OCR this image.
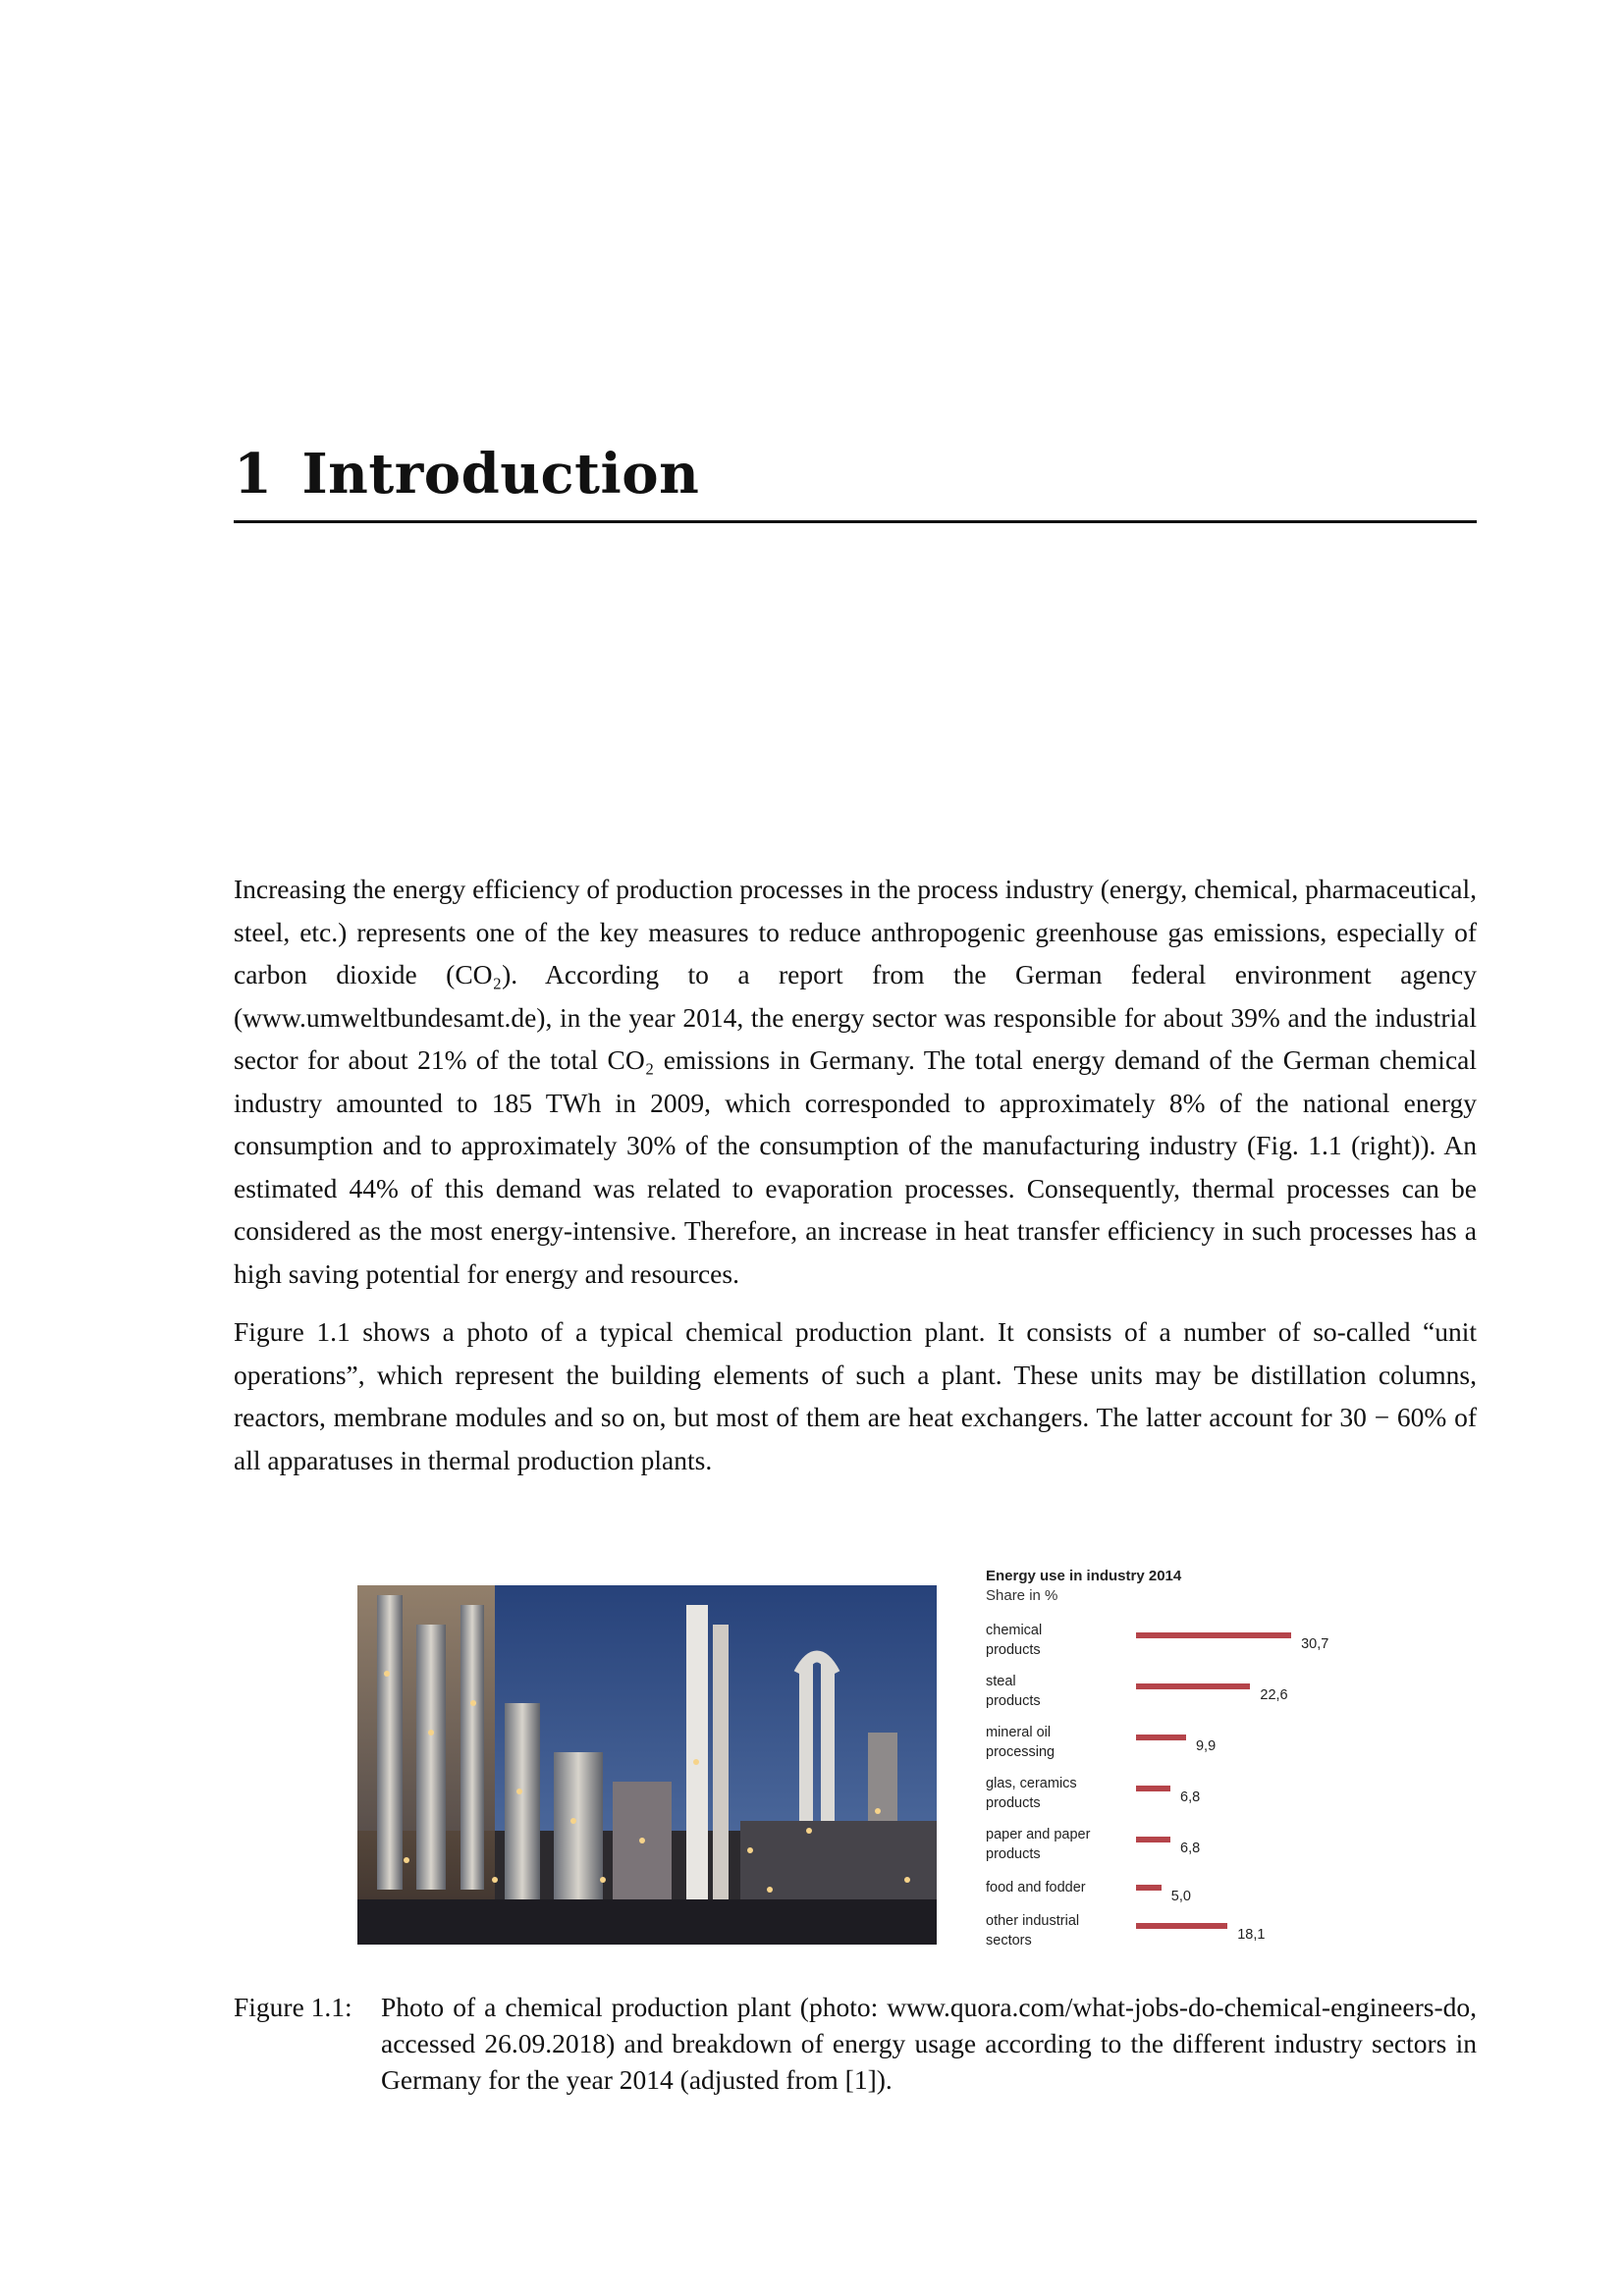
1 Introduction

Increasing the energy efficiency of production processes in the process industry (energy, chemical, pharmaceutical, steel, etc.) represents one of the key measures to reduce anthropogenic greenhouse gas emissions, especially of carbon dioxide (CO₂). According to a report from the German federal environment agency (www.umweltbundesamt.de), in the year 2014, the energy sector was responsible for about 39% and the industrial sector for about 21% of the total CO₂ emissions in Germany. The total energy demand of the German chemical industry amounted to 185 TWh in 2009, which corresponded to approximately 8% of the national energy consumption and to approximately 30% of the consumption of the manufacturing industry (Fig. 1.1 (right)). An estimated 44% of this demand was related to evaporation processes. Consequently, thermal processes can be considered as the most energy-intensive. Therefore, an increase in heat transfer efficiency in such processes has a high saving potential for energy and resources.

Figure 1.1 shows a photo of a typical chemical production plant. It consists of a number of so-called “unit operations”, which represent the building elements of such a plant. These units may be distillation columns, reactors, membrane modules and so on, but most of them are heat exchangers. The latter account for 30 − 60% of all apparatuses in thermal production plants.

Energy use in industry 2014
Share in %
chemical
products
steal
products
mineral oil
processing
glas, ceramics
products
paper and paper
products
food and fodder
other industrial
sectors
30,7
22,6
9,9
6,8
6,8
5,0
18,1
Figure 1.1: Photo of a chemical production plant (photo: www.quora.com/what-jobs-do-chemical-engineers-do, accessed 26.09.2018) and breakdown of energy usage according to the different industry sectors in Germany for the year 2014 (adjusted from [1]).
